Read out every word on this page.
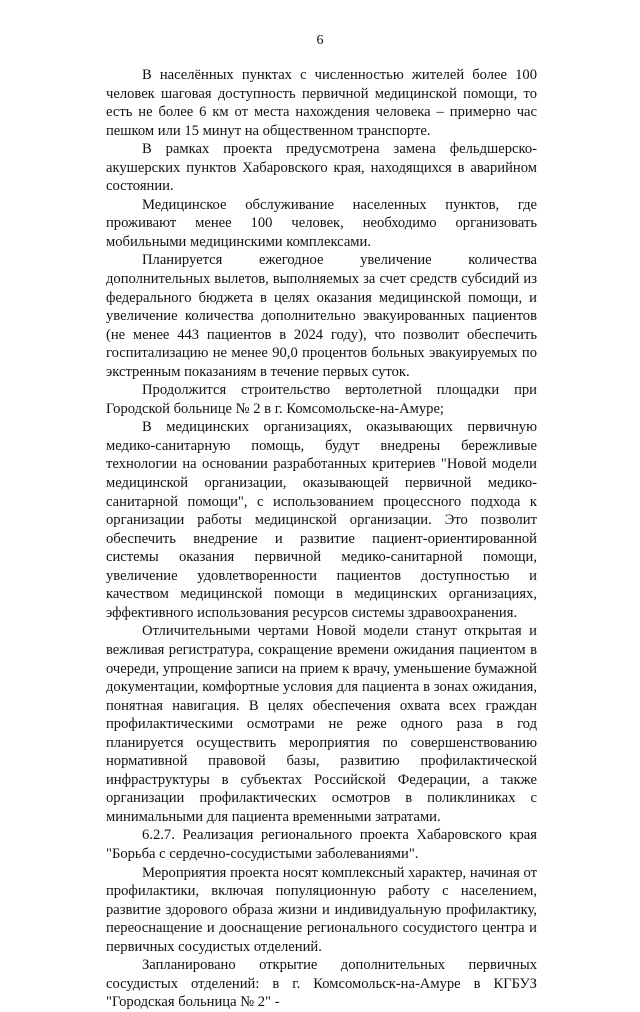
6

В населённых пунктах с численностью жителей более 100 человек шаговая доступность первичной медицинской помощи, то есть не более 6 км от места нахождения человека – примерно час пешком или 15 минут на общественном транспорте.

В рамках проекта предусмотрена замена фельдшерско-акушерских пунктов Хабаровского края, находящихся в аварийном состоянии.

Медицинское обслуживание населенных пунктов, где проживают менее 100 человек, необходимо организовать мобильными медицинскими комплексами.

Планируется ежегодное увеличение количества дополнительных вылетов, выполняемых за счет средств субсидий из федерального бюджета в целях оказания медицинской помощи, и увеличение количества дополнительно эвакуированных пациентов (не менее 443 пациентов в 2024 году), что позволит обеспечить госпитализацию не менее 90,0 процентов больных эвакуируемых по экстренным показаниям в течение первых суток.

Продолжится строительство вертолетной площадки при Городской больнице № 2 в г. Комсомольске-на-Амуре;

В медицинских организациях, оказывающих первичную медико-санитарную помощь, будут внедрены бережливые технологии на основании разработанных критериев "Новой модели медицинской организации, оказывающей первичной медико-санитарной помощи", с использованием процессного подхода к организации работы медицинской организации. Это позволит обеспечить внедрение и развитие пациент-ориентированной системы оказания первичной медико-санитарной помощи, увеличение удовлетворенности пациентов доступностью и качеством медицинской помощи в медицинских организациях, эффективного использования ресурсов системы здравоохранения.

Отличительными чертами Новой модели станут открытая и вежливая регистратура, сокращение времени ожидания пациентом в очереди, упрощение записи на прием к врачу, уменьшение бумажной документации, комфортные условия для пациента в зонах ожидания, понятная навигация. В целях обеспечения охвата всех граждан профилактическими осмотрами не реже одного раза в год планируется осуществить мероприятия по совершенствованию нормативной правовой базы, развитию профилактической инфраструктуры в субъектах Российской Федерации, а также организации профилактических осмотров в поликлиниках с минимальными для пациента временными затратами.

6.2.7. Реализация регионального проекта Хабаровского края "Борьба с сердечно-сосудистыми заболеваниями".

Мероприятия проекта носят комплексный характер, начиная от профилактики, включая популяционную работу с населением, развитие здорового образа жизни и индивидуальную профилактику, переоснащение и дооснащение регионального сосудистого центра и первичных сосудистых отделений.

Запланировано открытие дополнительных первичных сосудистых отделений: в г. Комсомольск-на-Амуре в КГБУЗ "Городская больница № 2" -
